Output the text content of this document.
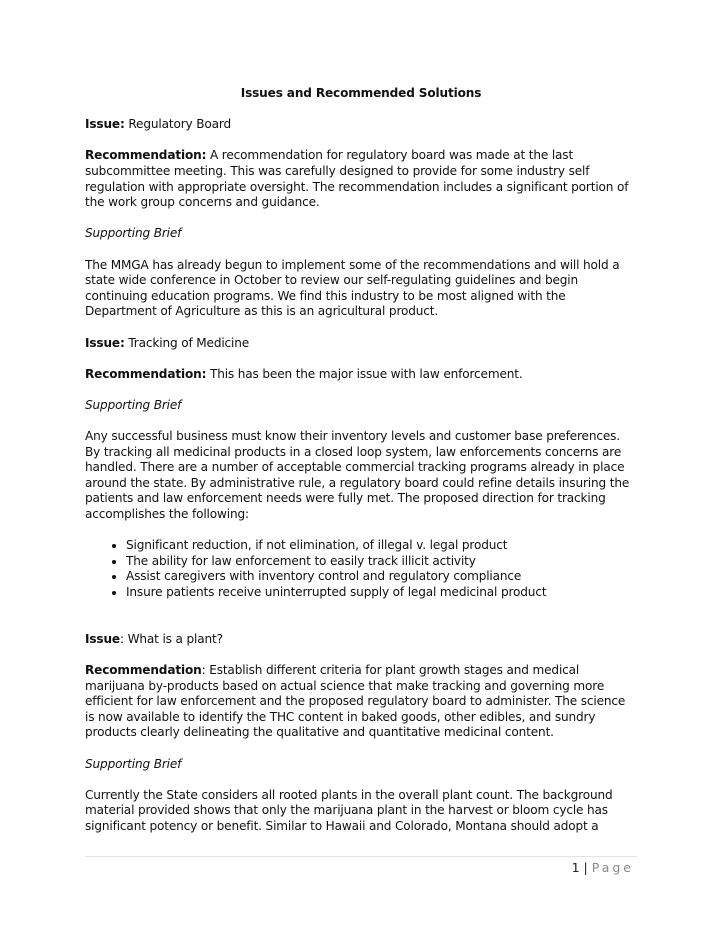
Issues and Recommended Solutions

Issue: Regulatory Board

Recommendation: A recommendation for regulatory board was made at the last subcommittee meeting. This was carefully designed to provide for some industry self regulation with appropriate oversight. The recommendation includes a significant portion of the work group concerns and guidance.

Supporting Brief

The MMGA has already begun to implement some of the recommendations and will hold a state wide conference in October to review our self-regulating guidelines and begin continuing education programs. We find this industry to be most aligned with the Department of Agriculture as this is an agricultural product.

Issue: Tracking of Medicine

Recommendation: This has been the major issue with law enforcement.

Supporting Brief

Any successful business must know their inventory levels and customer base preferences. By tracking all medicinal products in a closed loop system, law enforcements concerns are handled. There are a number of acceptable commercial tracking programs already in place around the state. By administrative rule, a regulatory board could refine details insuring the patients and law enforcement needs were fully met. The proposed direction for tracking accomplishes the following:

• Significant reduction, if not elimination, of illegal v. legal product
• The ability for law enforcement to easily track illicit activity
• Assist caregivers with inventory control and regulatory compliance
• Insure patients receive uninterrupted supply of legal medicinal product

Issue: What is a plant?

Recommendation: Establish different criteria for plant growth stages and medical marijuana by-products based on actual science that make tracking and governing more efficient for law enforcement and the proposed regulatory board to administer. The science is now available to identify the THC content in baked goods, other edibles, and sundry products clearly delineating the qualitative and quantitative medicinal content.

Supporting Brief

Currently the State considers all rooted plants in the overall plant count. The background material provided shows that only the marijuana plant in the harvest or bloom cycle has significant potency or benefit. Similar to Hawaii and Colorado, Montana should adopt a

1 | Page
